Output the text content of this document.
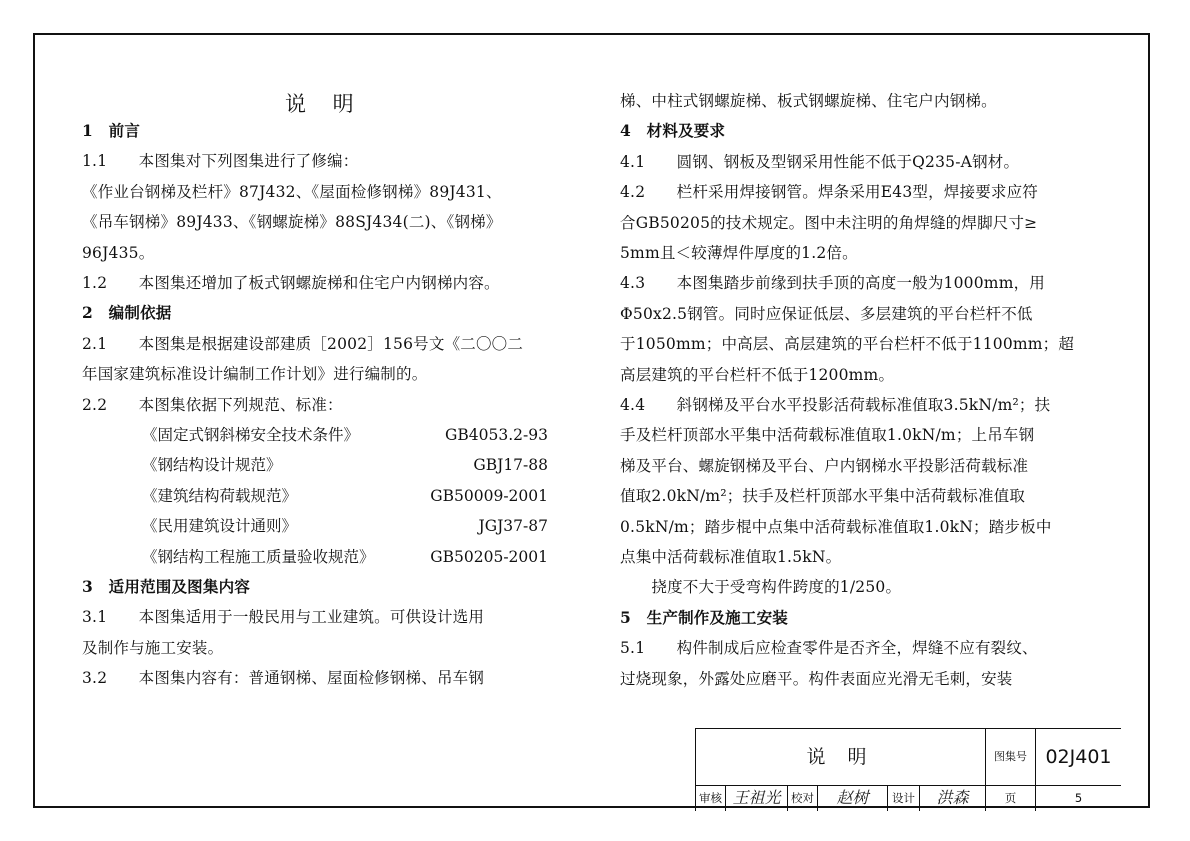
说 明
1　前言
1.1　　本图集对下列图集进行了修编：
《作业台钢梯及栏杆》87J432、《屋面检修钢梯》89J431、
《吊车钢梯》89J433、《钢螺旋梯》88SJ434(二)、《钢梯》
96J435。
1.2　　本图集还增加了板式钢螺旋梯和住宅户内钢梯内容。
2　编制依据
2.1　　本图集是根据建设部建质［2002］156号文《二〇〇二
年国家建筑标准设计编制工作计划》进行编制的。
2.2　　本图集依据下列规范、标准：
《固定式钢斜梯安全技术条件》	GB4053.2-93
《钢结构设计规范》	GBJ17-88
《建筑结构荷载规范》	GB50009-2001
《民用建筑设计通则》	JGJ37-87
《钢结构工程施工质量验收规范》	GB50205-2001
3　适用范围及图集内容
3.1　　本图集适用于一般民用与工业建筑。可供设计选用
及制作与施工安装。
3.2　　本图集内容有：普通钢梯、屋面检修钢梯、吊车钢
梯、中柱式钢螺旋梯、板式钢螺旋梯、住宅户内钢梯。
4　材料及要求
4.1　　圆钢、钢板及型钢采用性能不低于Q235-A钢材。
4.2　　栏杆采用焊接钢管。焊条采用E43型，焊接要求应符
合GB50205的技术规定。图中未注明的角焊缝的焊脚尺寸≥
5mm且＜较薄焊件厚度的1.2倍。
4.3　　本图集踏步前缘到扶手顶的高度一般为1000mm，用
Φ50x2.5钢管。同时应保证低层、多层建筑的平台栏杆不低
于1050mm；中高层、高层建筑的平台栏杆不低于1100mm；超
高层建筑的平台栏杆不低于1200mm。
4.4　　斜钢梯及平台水平投影活荷载标准值取3.5kN/m²；扶
手及栏杆顶部水平集中活荷载标准值取1.0kN/m；上吊车钢
梯及平台、螺旋钢梯及平台、户内钢梯水平投影活荷载标准
值取2.0kN/m²；扶手及栏杆顶部水平集中活荷载标准值取
0.5kN/m；踏步棍中点集中活荷载标准值取1.0kN；踏步板中
点集中活荷载标准值取1.5kN。
　　挠度不大于受弯构件跨度的1/250。
5　生产制作及施工安装
5.1　　构件制成后应检查零件是否齐全，焊缝不应有裂纹、
过烧现象，外露处应磨平。构件表面应光滑无毛刺，安装
说 明	图集号 02J401
审核 王祖光 校对	赵树	设计	洪森	页	5
